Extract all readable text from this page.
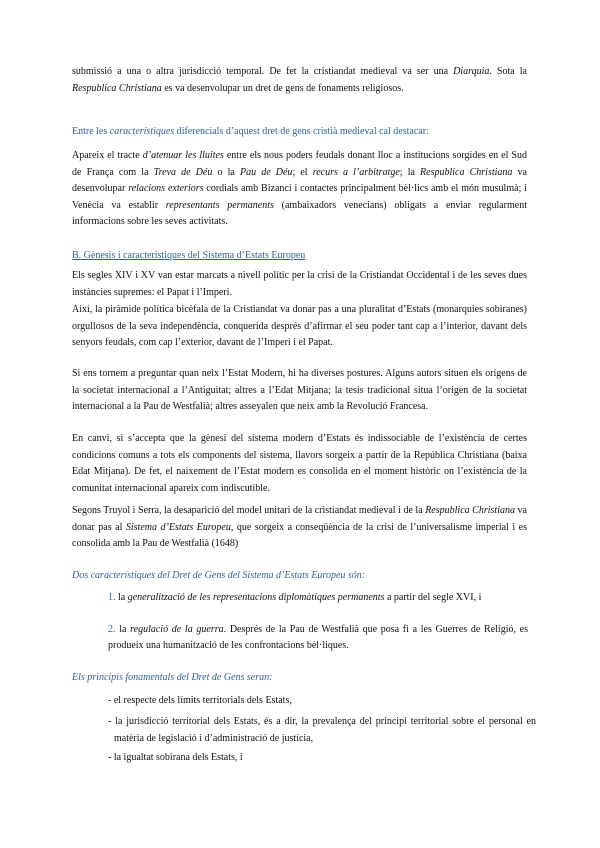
submissió a una o altra jurisdicció temporal. De fet la cristiandat medieval va ser una Diarquia. Sota la Respublica Christiana es va desenvolupar un dret de gens de fonaments religiosos.

Entre les característiques diferencials d’aquest dret de gens cristià medieval cal destacar:

Apareix el tracte d’atenuar les lluites entre els nous poders feudals donant lloc a institucions sorgides en el Sud de França com la Treva de Déu o la Pau de Déu; el recurs a l’arbitratge; la Respublica Christiana va desenvolupar relacions exteriors cordials amb Bizanci i contactes principalment bèl·lics amb el món musulmà; i Venècia va establir representants permanents (ambaixadors venecians) obligats a enviar regularment informacions sobre les seves activitats.

B. Gènesis i característiques del Sistema d’Estats Europeu

Els segles XIV i XV van estar marcats a nivell polític per la crisi de la Cristiandat Occidental i de les seves dues instàncies supremes: el Papat i l’Imperi.

Així, la piràmide política bicèfala de la Cristiandat va donar pas a una pluralitat d’Estats (monarquies sobiranes) orgullosos de la seva independència, conquerida després d’afirmar el seu poder tant cap a l’interior, davant dels senyors feudals, com cap l’exterior, davant de l’Imperi i el Papat.

Si ens tornem a preguntar quan neix l’Estat Modern, hi ha diverses postures. Alguns autors situen els orígens de la societat internacional a l’Antiguitat; altres a l’Edat Mitjana; la tesis tradicional situa l’origen de la societat internacional a la Pau de Westfalià; altres asseyalen que neix amb la Revolució Francesa.

En canvi, si s’accepta que la gènesi del sistema modern d’Estats és indissociable de l’existència de certes condicions comuns a tots els components del sistema, llavors sorgeix a partir de la República Christiana (baixa Edat Mitjana). De fet, el naixement de l’Estat modern es consolida en el moment històric on l’existència de la comunitat internacional apareix com indiscutible.

Segons Truyol i Serra, la desaparició del model unitari de la cristiandat medieval i de la Respublica Christiana va donar pas al Sistema d’Estats Europeu, que sorgeix a conseqüència de la crisi de l’universalisme imperial i es consolida amb la Pau de Westfalià (1648)

Dos característiques del Dret de Gens del Sistema d’Estats Europeu són:

1. la generalització de les representacions diplomàtiques permanents a partir del segle XVI, i

2. la regulació de la guerra. Després de la Pau de Westfalià que posa fi a les Guerres de Religió, es produeix una humanització de les confrontacions bèl·liques.

Els principis fonamentals del Dret de Gens seran:

- el respecte dels límits territorials dels Estats,

- la jurisdicció territorial dels Estats, és a dir, la prevalença del principi territorial sobre el personal en matèria de legislació i d’administració de justícia,

- la igualtat sobirana dels Estats, i
